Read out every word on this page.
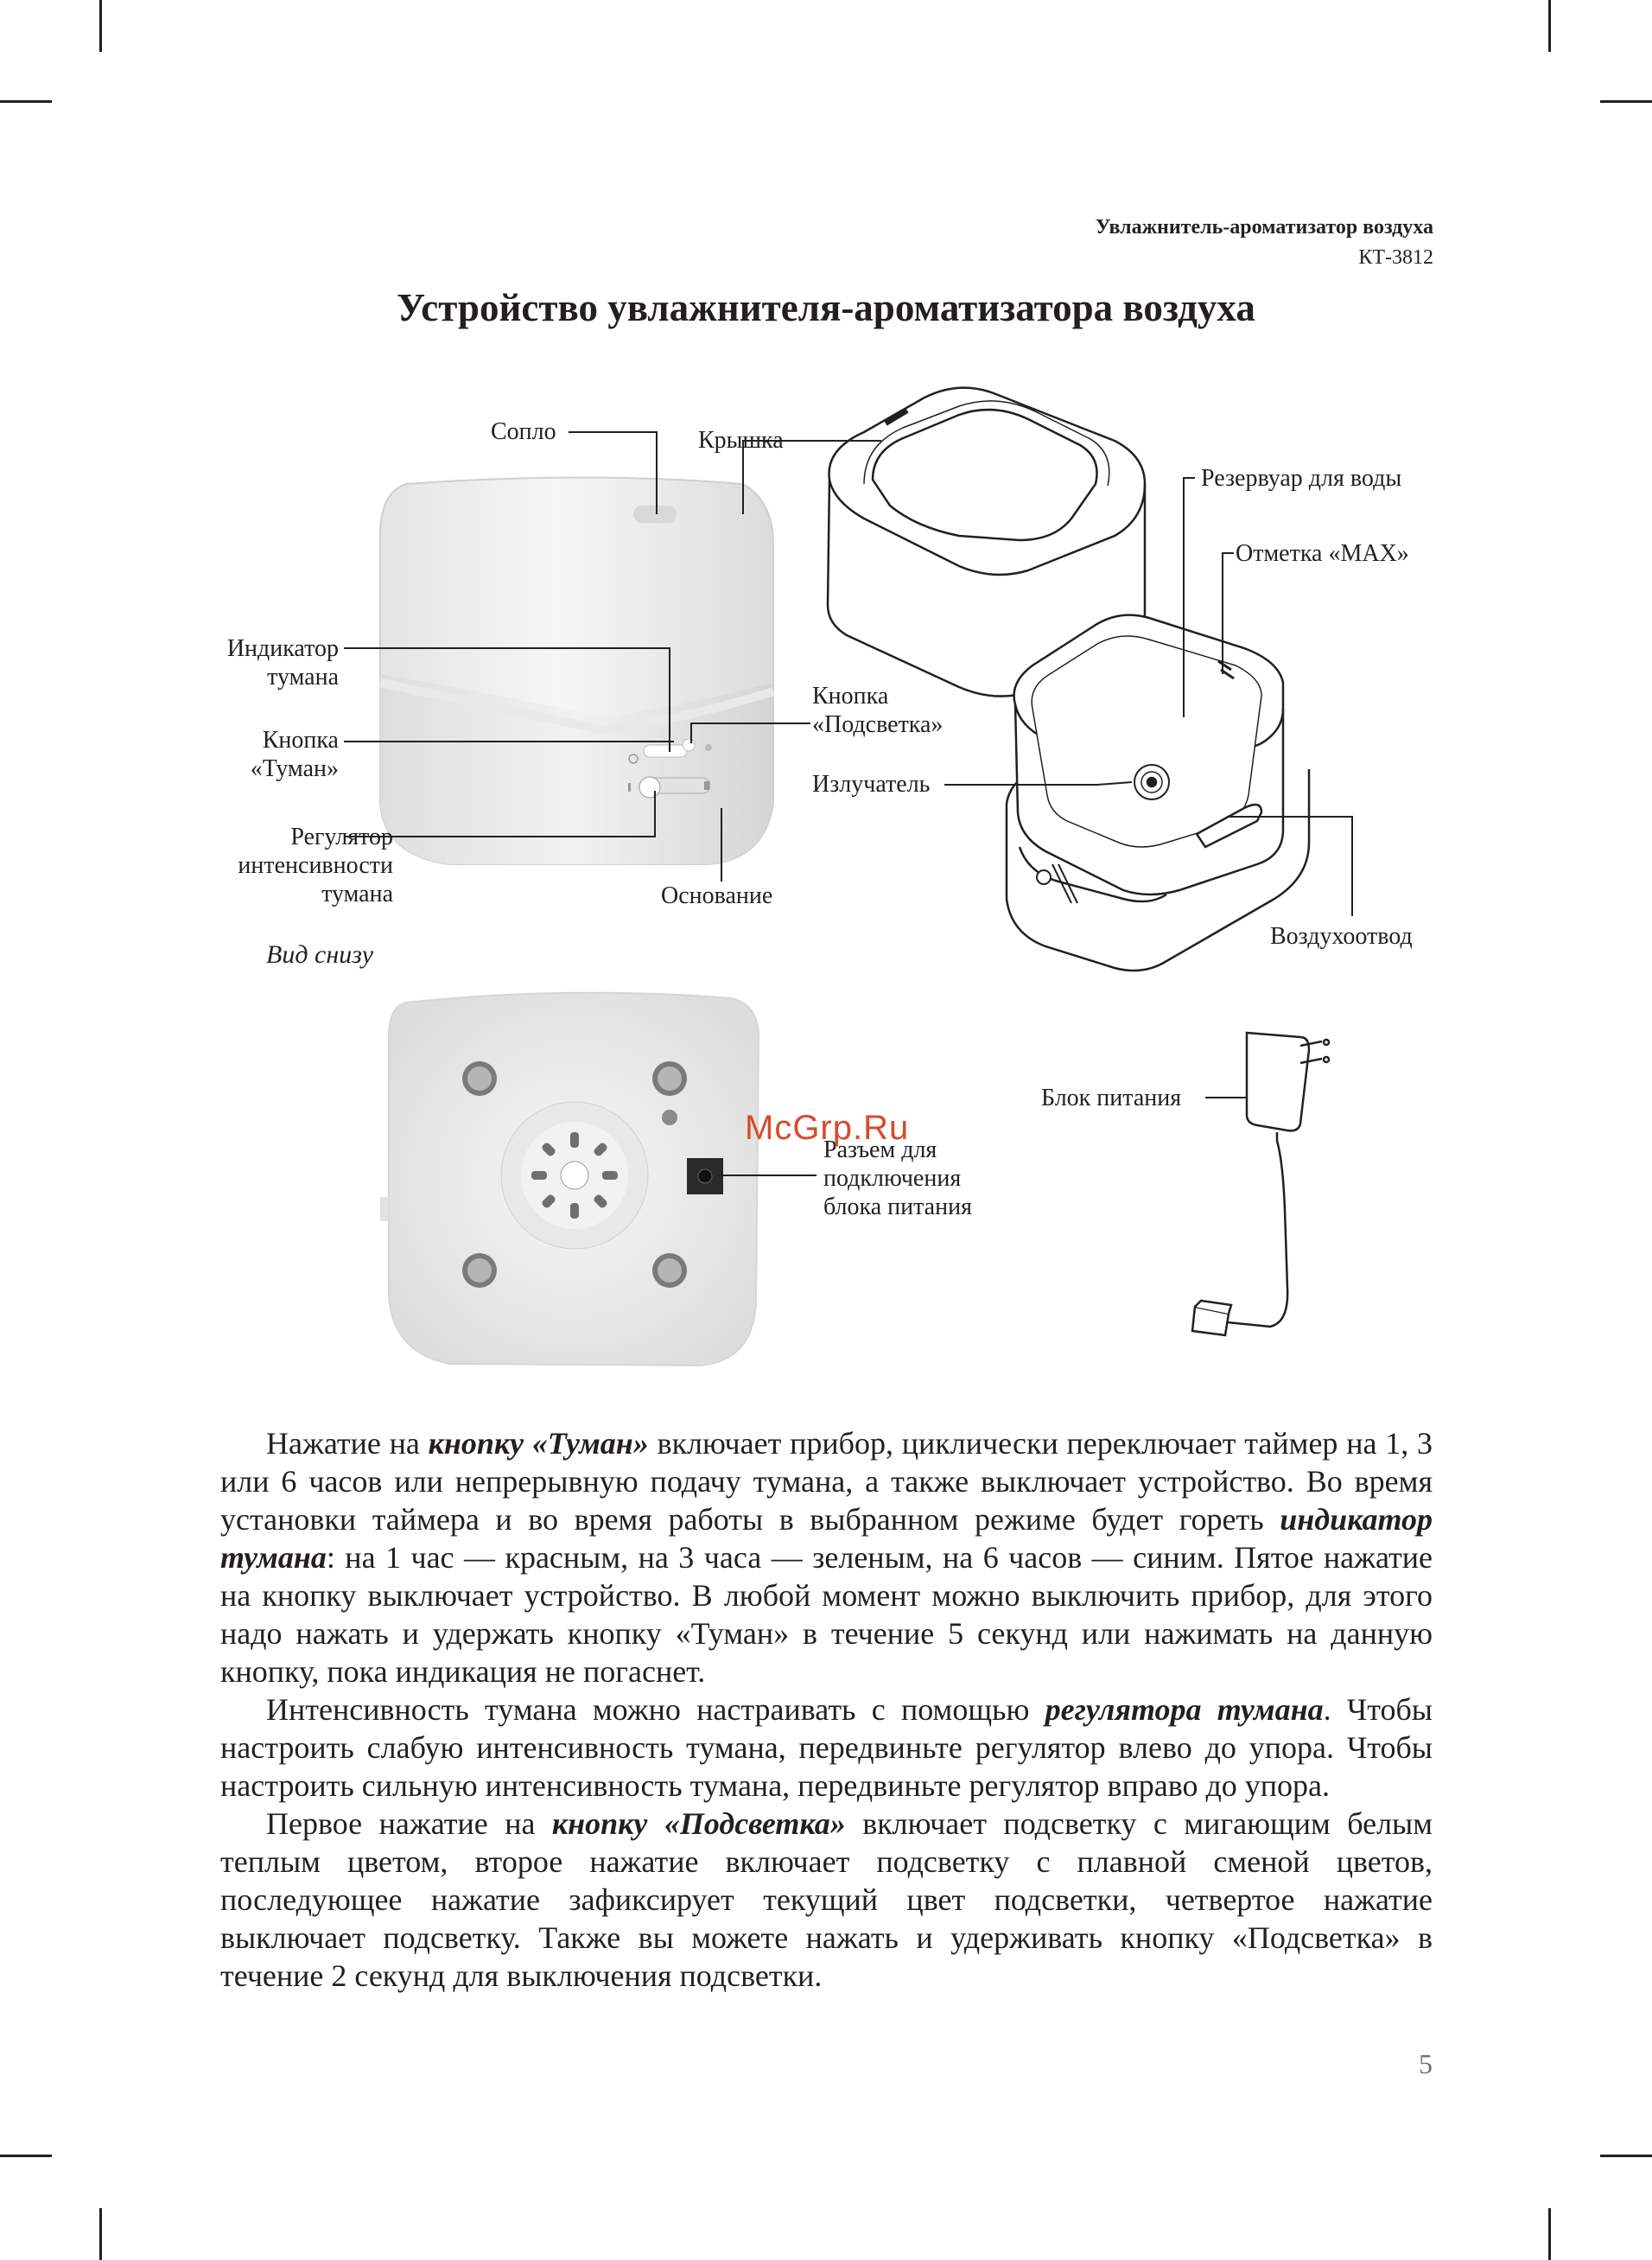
Увлажнитель-ароматизатор воздуха
КТ-3812
Устройство увлажнителя-ароматизатора воздуха
Сопло	Крышка
Резервуар для воды
Отметка «MAX»
Индикатор
тумана
Кнопка
«Подсветка»
Кнопка
«Туман»
Излучатель
Регулятор
интенсивности
тумана	Основание
Воздухоотвод
Вид снизу
Блок питания
Разъем для
подключения
блока питания
McGrp.Ru

Нажатие на кнопку «Туман» включает прибор, циклически переключает таймер на 1, 3 или 6 часов или непрерывную подачу тумана, а также выключает устройство. Во время установки таймера и во время работы в выбранном режиме будет гореть индикатор тумана: на 1 час — красным, на 3 часа — зеленым, на 6 часов — синим. Пятое нажатие на кнопку выключает устройство. В любой момент можно выключить прибор, для этого надо нажать и удержать кнопку «Туман» в течение 5 секунд или нажимать на данную кнопку, пока индикация не погаснет.

Интенсивность тумана можно настраивать с помощью регулятора тумана. Чтобы настроить слабую интенсивность тумана, передвиньте регулятор влево до упора. Чтобы настроить сильную интенсивность тумана, передвиньте регулятор вправо до упора.

Первое нажатие на кнопку «Подсветка» включает подсветку с мигающим белым теплым цветом, второе нажатие включает подсветку с плавной сменой цветов, последующее нажатие зафиксирует текущий цвет подсветки, четвертое нажатие выключает подсветку. Также вы можете нажать и удерживать кнопку «Подсветка» в течение 2 секунд для выключения подсветки.

5
